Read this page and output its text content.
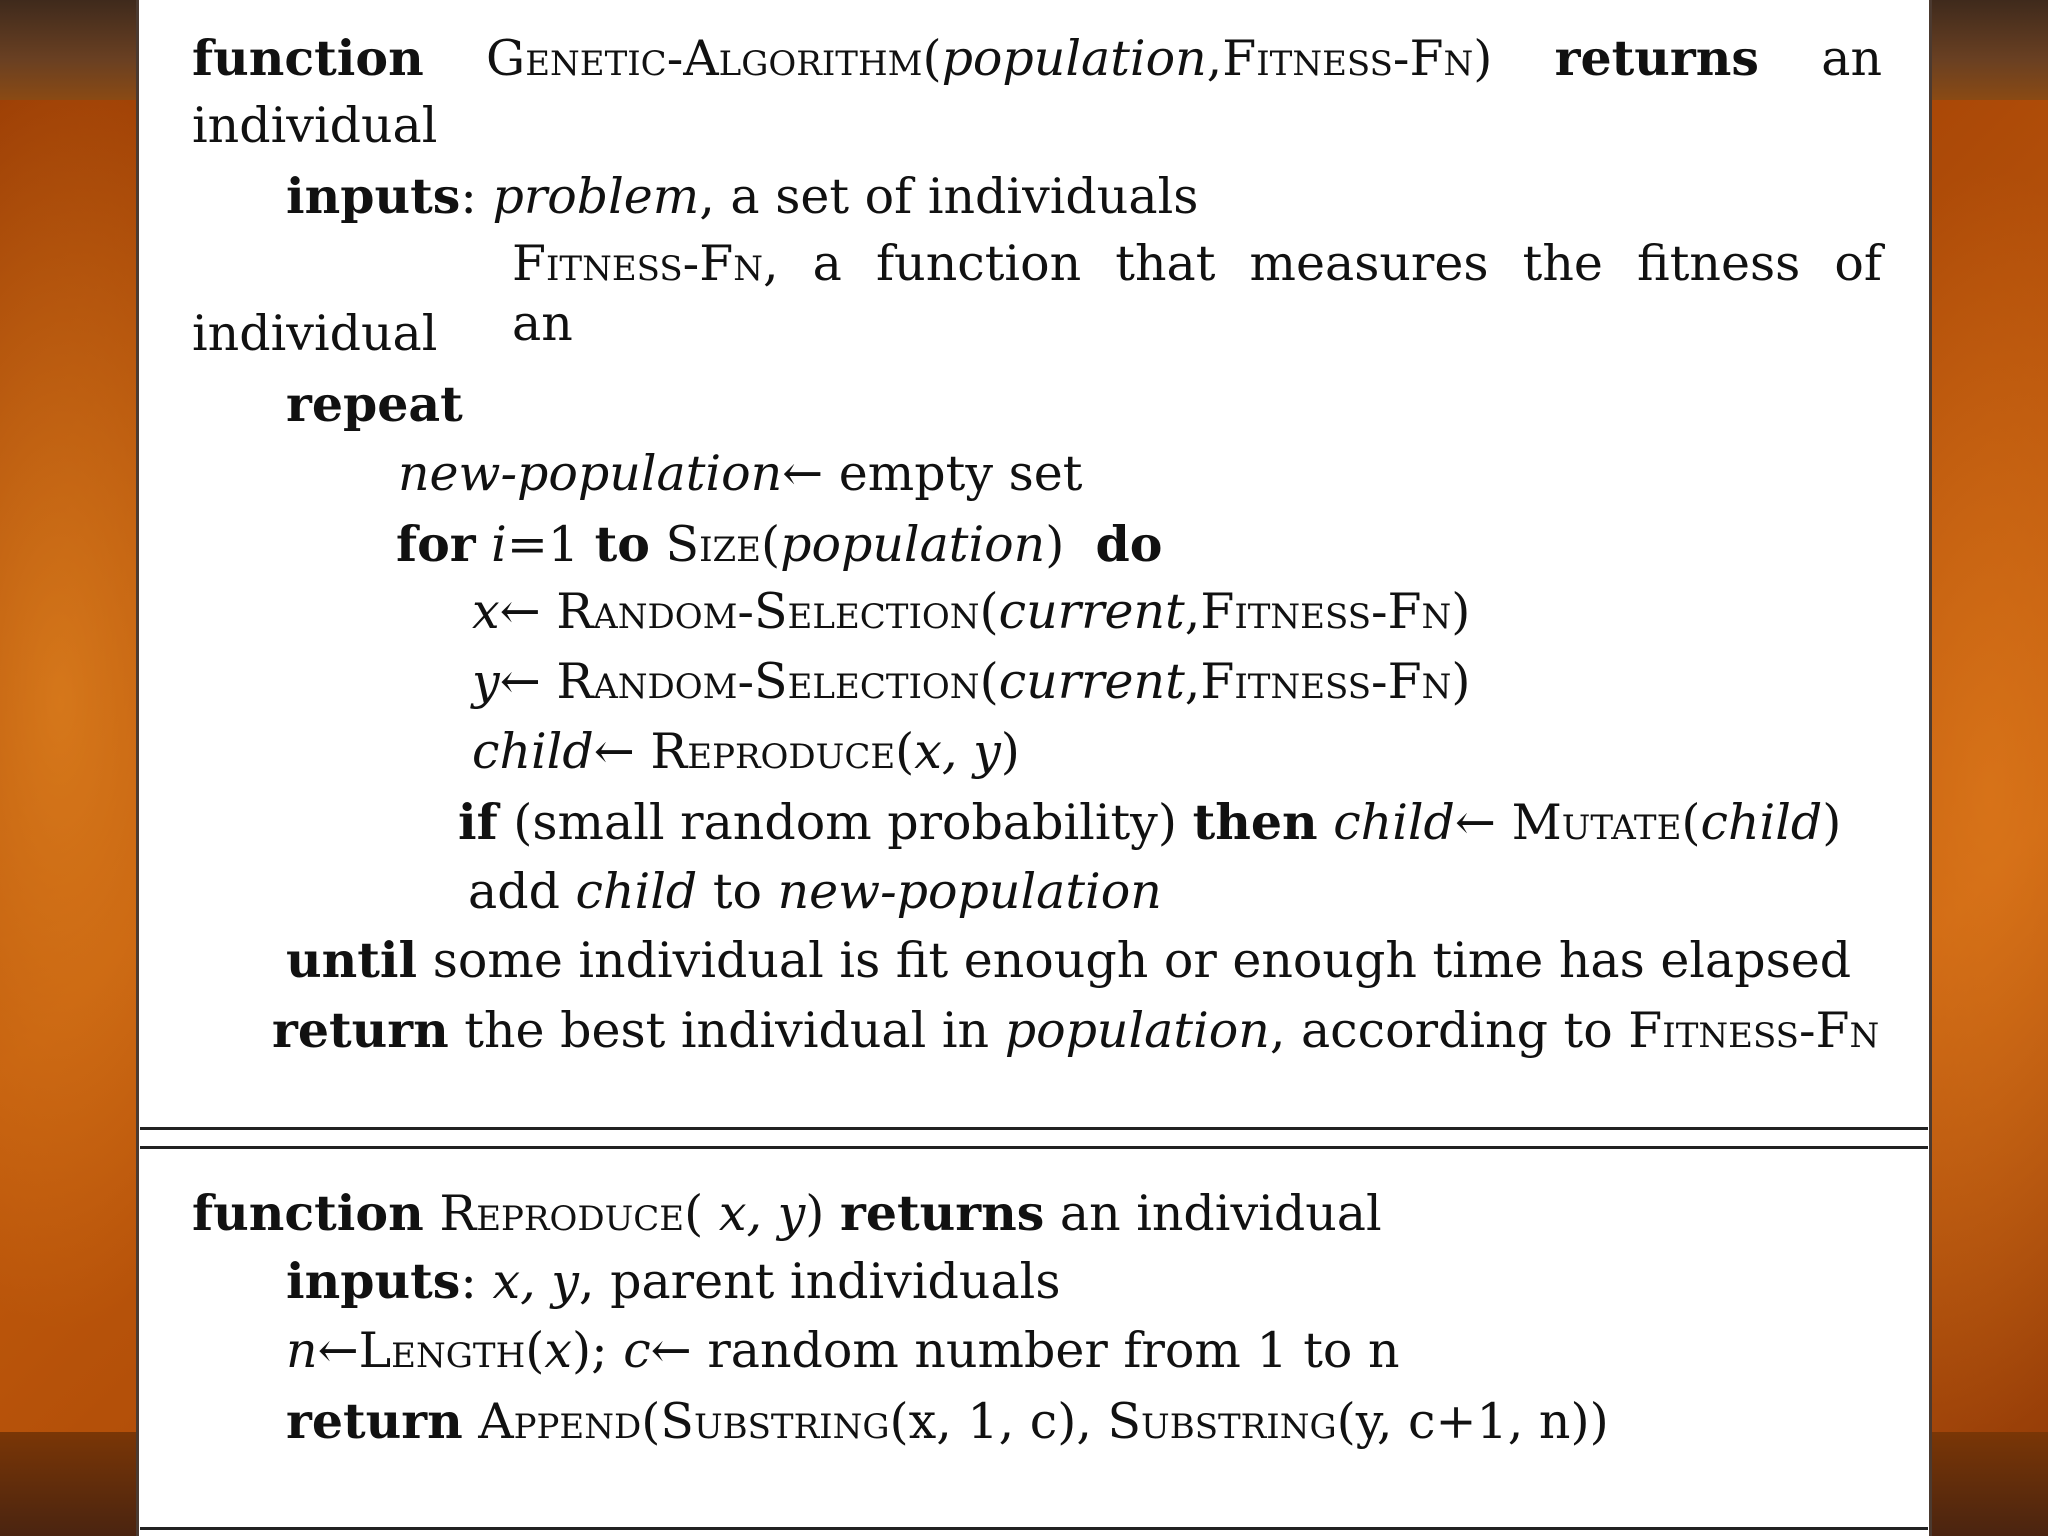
function Genetic-Algorithm(population,Fitness-Fn) returns an

individual

inputs: problem, a set of individuals

Fitness-Fn, a function that measures the fitness of an

individual

repeat

new-population← empty set

for i=1 to Size(population) do

x← Random-Selection(current,Fitness-Fn)

y← Random-Selection(current,Fitness-Fn)

child← Reproduce(x, y)

if (small random probability) then child← Mutate(child)

add child to new-population

until some individual is fit enough or enough time has elapsed

return the best individual in population, according to Fitness-Fn

function Reproduce( x, y) returns an individual

inputs: x, y, parent individuals

n←Length(x); c← random number from 1 to n

return Append(Substring(x, 1, c), Substring(y, c+1, n))
